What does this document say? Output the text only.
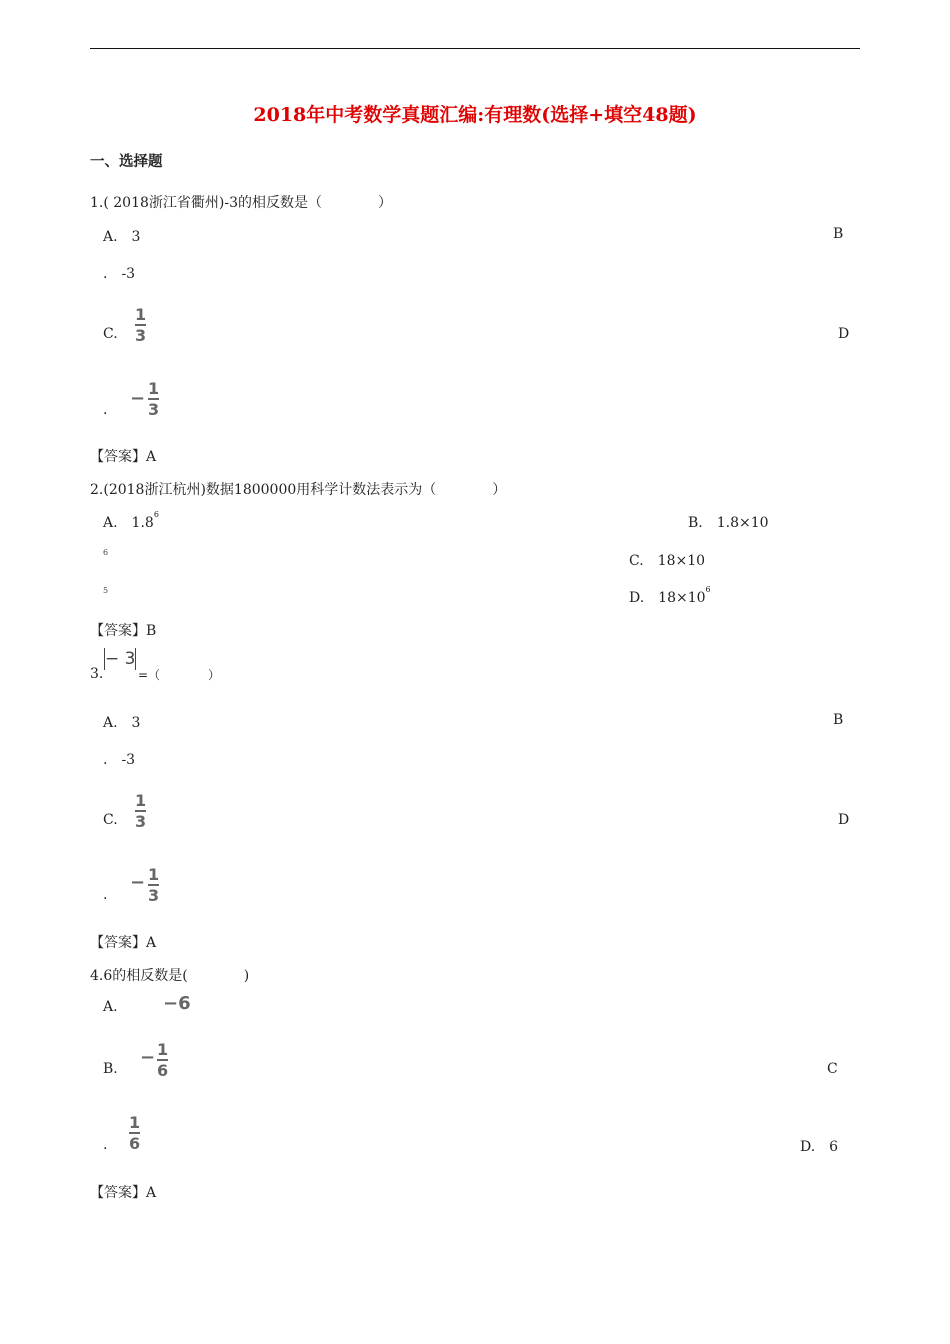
2018年中考数学真题汇编:有理数(选择+填空48题)
一、选择题
1.( 2018浙江省衢州)-3的相反数是（　　　　）
A.　3	B
.　-3
C.
1
3	D
.
− 1
3
【答案】A
2.(2018浙江杭州)数据1800000用科学计数法表示为（　　　　）
A.　$1.8^6$
B.　1.8×10
6
C.　18×10
5	D.　$18\times 10^6$
【答案】B
3.
− 3
=（　　　　）
A.　3	B
.　-3
C.
1
3	D
.
− 1
3
【答案】A
4.6的相反数是(　　　　)
A.	−6
B.
− 1
6	C
.
1
6	D.　6
【答案】A
